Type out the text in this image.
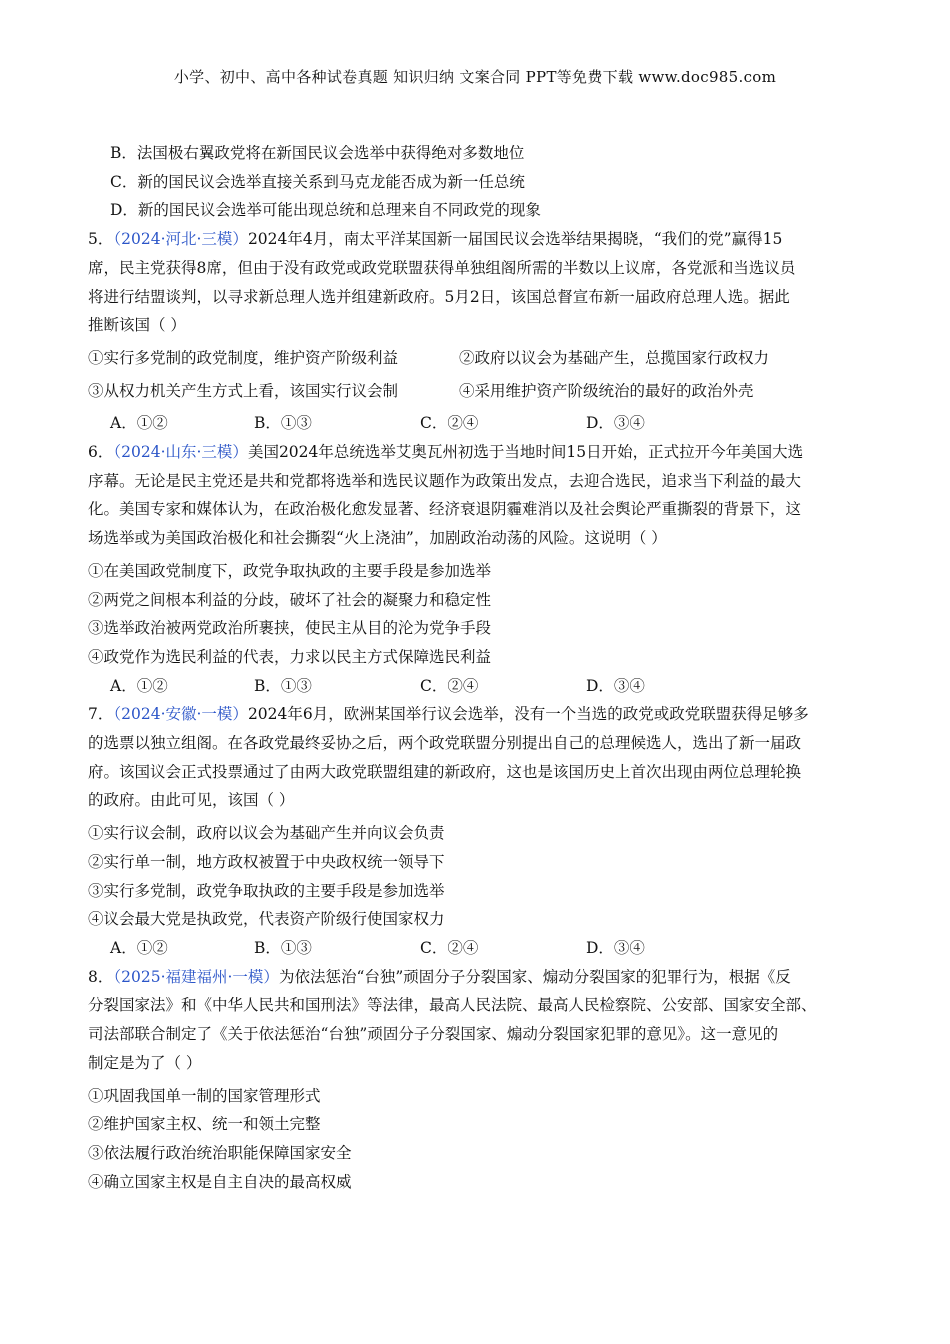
小学、初中、高中各种试卷真题 知识归纳 文案合同 PPT等免费下载 www.doc985.com
B．法国极右翼政党将在新国民议会选举中获得绝对多数地位
C．新的国民议会选举直接关系到马克龙能否成为新一任总统
D．新的国民议会选举可能出现总统和总理来自不同政党的现象
5．（2024·河北·三模）2024年4月，南太平洋某国新一届国民议会选举结果揭晓，“我们的党”赢得15
席，民主党获得8席，但由于没有政党或政党联盟获得单独组阁所需的半数以上议席，各党派和当选议员
将进行结盟谈判，以寻求新总理人选并组建新政府。5月2日，该国总督宣布新一届政府总理人选。据此
推断该国（ ）
①实行多党制的政党制度，维护资产阶级利益	②政府以议会为基础产生，总揽国家行政权力
③从权力机关产生方式上看，该国实行议会制	④采用维护资产阶级统治的最好的政治外壳
A．①②	B．①③	C．②④	D．③④
6．（2024·山东·三模）美国2024年总统选举艾奥瓦州初选于当地时间15日开始，正式拉开今年美国大选
序幕。无论是民主党还是共和党都将选举和选民议题作为政策出发点，去迎合选民，追求当下利益的最大
化。美国专家和媒体认为，在政治极化愈发显著、经济衰退阴霾难消以及社会舆论严重撕裂的背景下，这
场选举或为美国政治极化和社会撕裂“火上浇油”，加剧政治动荡的风险。这说明（ ）
①在美国政党制度下，政党争取执政的主要手段是参加选举
②两党之间根本利益的分歧，破坏了社会的凝聚力和稳定性
③选举政治被两党政治所裹挟，使民主从目的沦为党争手段
④政党作为选民利益的代表，力求以民主方式保障选民利益
A．①②	B．①③	C．②④	D．③④
7．（2024·安徽·一模）2024年6月，欧洲某国举行议会选举，没有一个当选的政党或政党联盟获得足够多
的选票以独立组阁。在各政党最终妥协之后，两个政党联盟分别提出自己的总理候选人，选出了新一届政
府。该国议会正式投票通过了由两大政党联盟组建的新政府，这也是该国历史上首次出现由两位总理轮换
的政府。由此可见，该国（ ）
①实行议会制，政府以议会为基础产生并向议会负责
②实行单一制，地方政权被置于中央政权统一领导下
③实行多党制，政党争取执政的主要手段是参加选举
④议会最大党是执政党，代表资产阶级行使国家权力
A．①②	B．①③	C．②④	D．③④
8．（2025·福建福州·一模）为依法惩治“台独”顽固分子分裂国家、煽动分裂国家的犯罪行为，根据《反
分裂国家法》和《中华人民共和国刑法》等法律，最高人民法院、最高人民检察院、公安部、国家安全部、
司法部联合制定了《关于依法惩治“台独”顽固分子分裂国家、煽动分裂国家犯罪的意见》。这一意见的
制定是为了（ ）
①巩固我国单一制的国家管理形式
②维护国家主权、统一和领土完整
③依法履行政治统治职能保障国家安全
④确立国家主权是自主自决的最高权威
